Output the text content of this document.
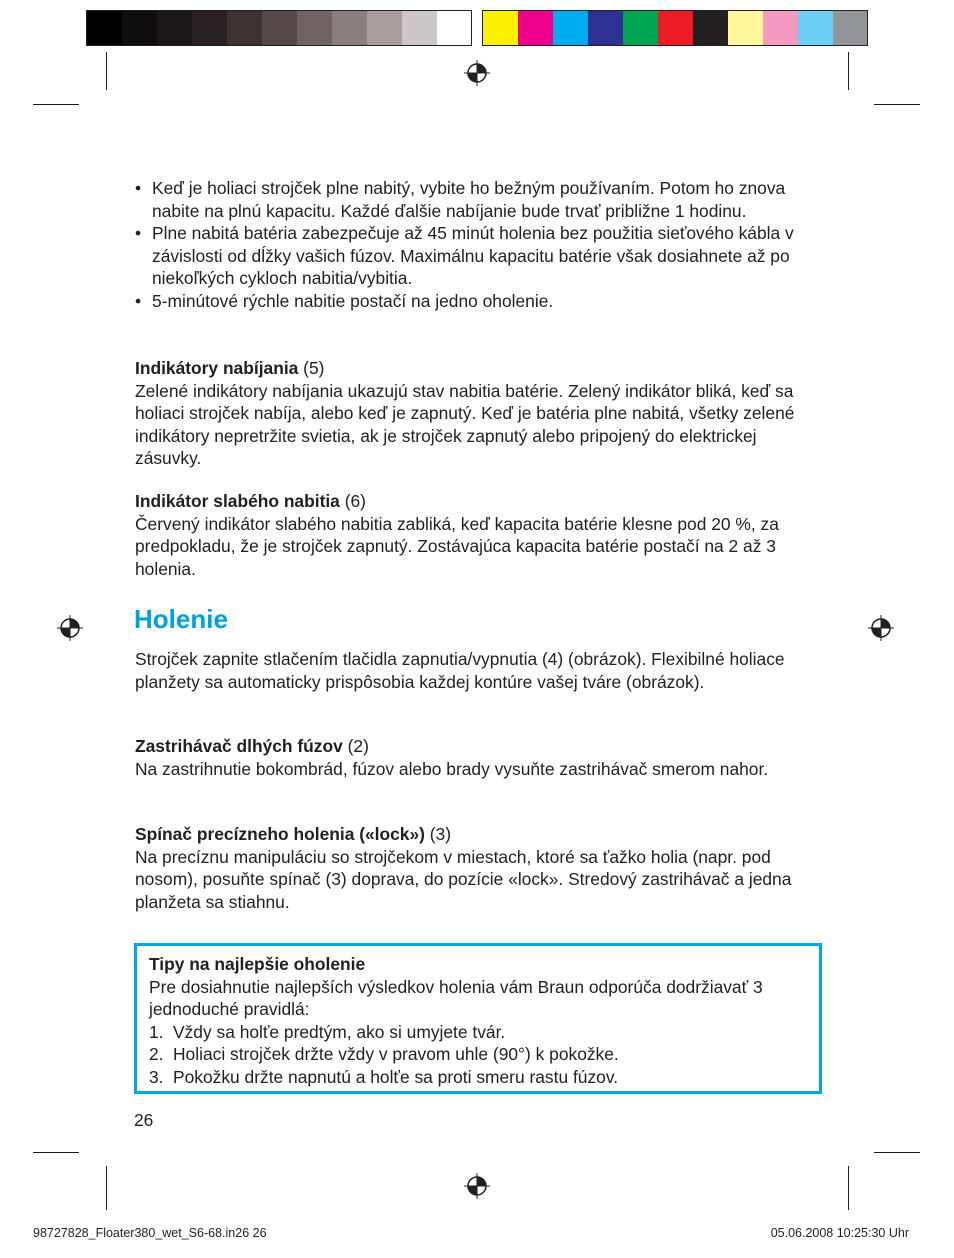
• Keď je holiaci strojček plne nabitý, vybite ho bežným používaním. Potom ho znova nabite na plnú kapacitu. Každé ďalšie nabíjanie bude trvať približne 1 hodinu.
• Plne nabitá batéria zabezpečuje až 45 minút holenia bez použitia sieťového kábla v závislosti od dĺžky vašich fúzov. Maximálnu kapacitu batérie však dosiahnete až po niekoľkých cykloch nabitia/vybitia.
• 5-minútové rýchle nabitie postačí na jedno oholenie.
Indikátory nabíjania (5)
Zelené indikátory nabíjania ukazujú stav nabitia batérie. Zelený indikátor bliká, keď sa holiaci strojček nabíja, alebo keď je zapnutý. Keď je batéria plne nabitá, všetky zelené indikátory nepretržite svietia, ak je strojček zapnutý alebo pripojený do elektrickej zásuvky.
Indikátor slabého nabitia (6)
Červený indikátor slabého nabitia zabliká, keď kapacita batérie klesne pod 20 %, za predpokladu, že je strojček zapnutý. Zostávajúca kapacita batérie postačí na 2 až 3 holenia.
Holenie
Strojček zapnite stlačením tlačidla zapnutia/vypnutia (4) (obrázok). Flexibilné holiace planžety sa automaticky prispôsobia každej kontúre vašej tváre (obrázok).
Zastrihávač dlhých fúzov (2)
Na zastrihnutie bokombrád, fúzov alebo brady vysuňte zastrihávač smerom nahor.
Spínač precízneho holenia («lock») (3)
Na precíznu manipuláciu so strojčekom v miestach, ktoré sa ťažko holia (napr. pod nosom), posuňte spínač (3) doprava, do pozície «lock». Stredový zastrihávač a jedna planžeta sa stiahnu.
Tipy na najlepšie oholenie
Pre dosiahnutie najlepších výsledkov holenia vám Braun odporúča dodržiavať 3 jednoduché pravidlá:
1. Vždy sa holťe predtým, ako si umyjete tvár.
2. Holiaci strojček držte vždy v pravom uhle (90°) k pokožke.
3. Pokožku držte napnutú a holťe sa proti smeru rastu fúzov.
26
98727828_Floater380_wet_S6-68.in26 26	05.06.2008 10:25:30 Uhr
